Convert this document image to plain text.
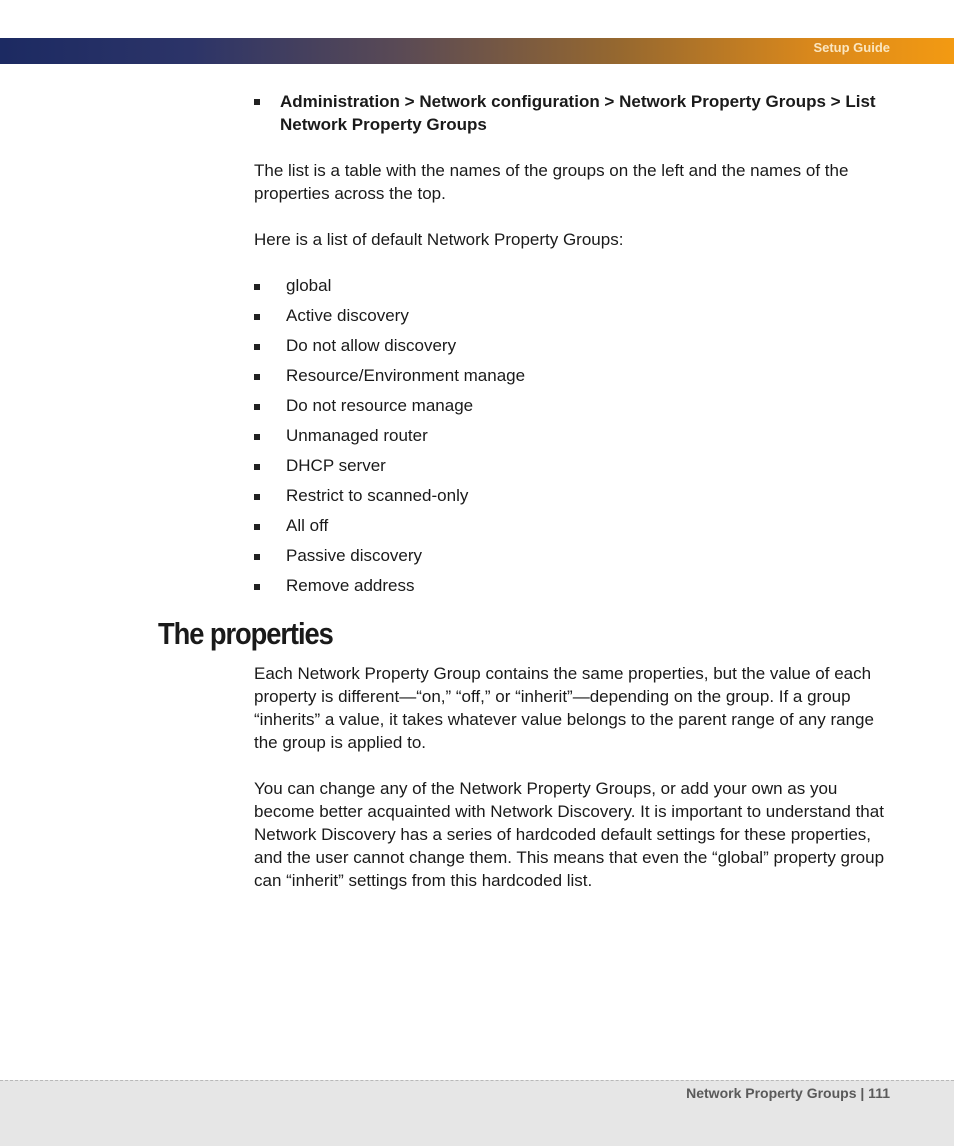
Setup Guide
Administration > Network configuration > Network Property Groups > List Network Property Groups

The list is a table with the names of the groups on the left and the names of the properties across the top.

Here is a list of default Network Property Groups:

global
Active discovery
Do not allow discovery
Resource/Environment manage
Do not resource manage
Unmanaged router
DHCP server
Restrict to scanned-only
All off
Passive discovery
Remove address
The properties

Each Network Property Group contains the same properties, but the value of each property is different—“on,” “off,” or “inherit”—depending on the group. If a group “inherits” a value, it takes whatever value belongs to the parent range of any range the group is applied to.

You can change any of the Network Property Groups, or add your own as you become better acquainted with Network Discovery. It is important to understand that Network Discovery has a series of hardcoded default settings for these properties, and the user cannot change them. This means that even the “global” property group can “inherit” settings from this hardcoded list.

Network Property Groups | 111
